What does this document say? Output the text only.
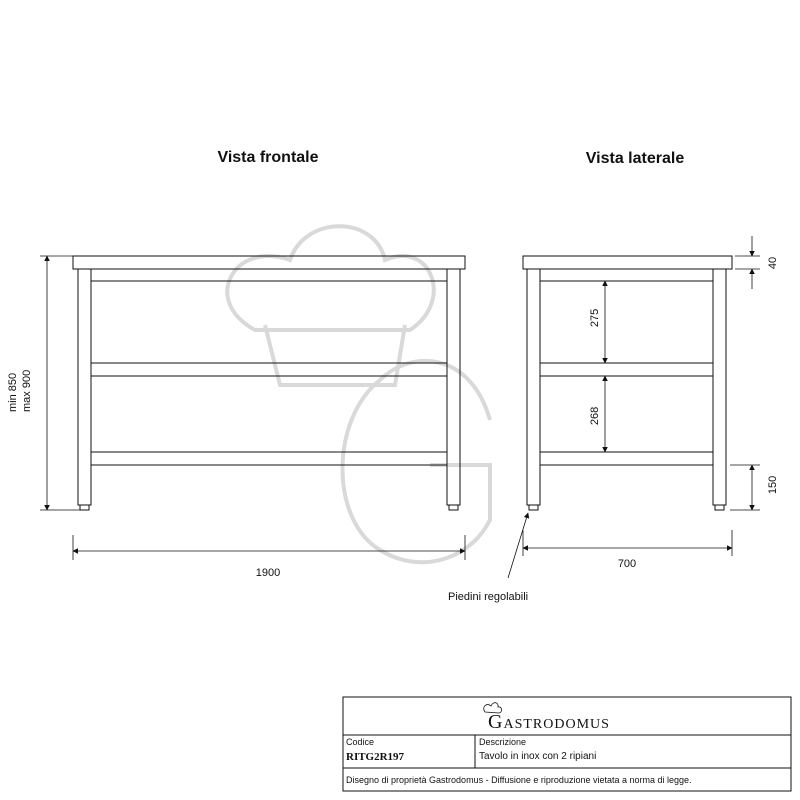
Vista frontale	Vista laterale
min 850 max 900
1900
275
268
40
150
700
Piedini regolabili
GASTRODOMUS
Codice
RITG2R197
Descrizione
Tavolo in inox con 2 ripiani
Disegno di proprietà Gastrodomus - Diffusione e riproduzione vietata a norma di legge.
